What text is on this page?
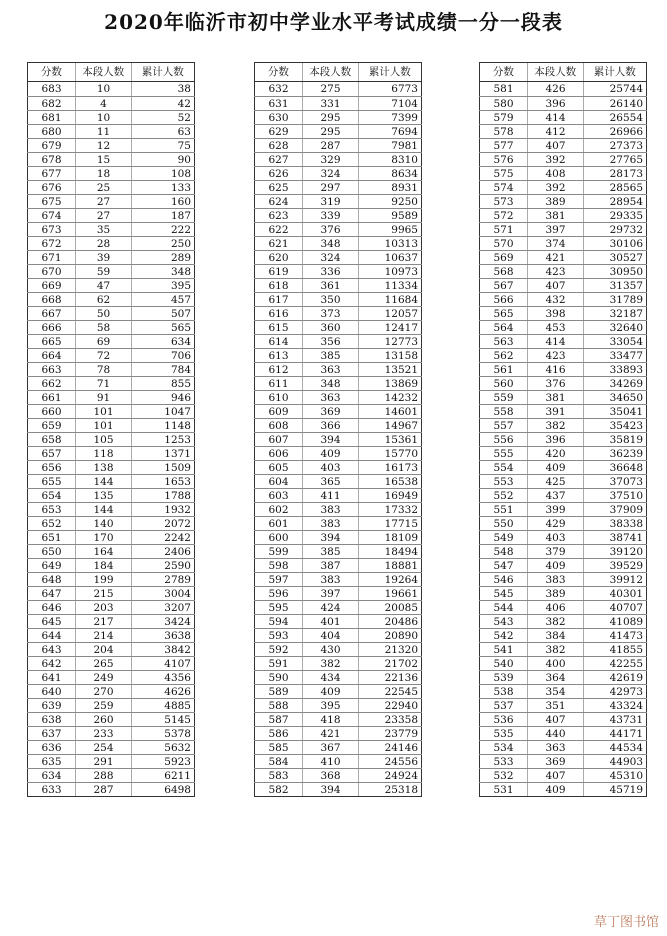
2020年临沂市初中学业水平考试成绩一分一段表
分数	本段人数	累计人数
683	10	38
682	4	42
681	10	52
680	11	63
679	12	75
678	15	90
677	18	108
676	25	133
675	27	160
674	27	187
673	35	222
672	28	250
671	39	289
670	59	348
669	47	395
668	62	457
667	50	507
666	58	565
665	69	634
664	72	706
663	78	784
662	71	855
661	91	946
660	101	1047
659	101	1148
658	105	1253
657	118	1371
656	138	1509
655	144	1653
654	135	1788
653	144	1932
652	140	2072
651	170	2242
650	164	2406
649	184	2590
648	199	2789
647	215	3004
646	203	3207
645	217	3424
644	214	3638
643	204	3842
642	265	4107
641	249	4356
640	270	4626
639	259	4885
638	260	5145
637	233	5378
636	254	5632
635	291	5923
634	288	6211
633	287	6498
分数	本段人数	累计人数
632	275	6773
631	331	7104
630	295	7399
629	295	7694
628	287	7981
627	329	8310
626	324	8634
625	297	8931
624	319	9250
623	339	9589
622	376	9965
621	348	10313
620	324	10637
619	336	10973
618	361	11334
617	350	11684
616	373	12057
615	360	12417
614	356	12773
613	385	13158
612	363	13521
611	348	13869
610	363	14232
609	369	14601
608	366	14967
607	394	15361
606	409	15770
605	403	16173
604	365	16538
603	411	16949
602	383	17332
601	383	17715
600	394	18109
599	385	18494
598	387	18881
597	383	19264
596	397	19661
595	424	20085
594	401	20486
593	404	20890
592	430	21320
591	382	21702
590	434	22136
589	409	22545
588	395	22940
587	418	23358
586	421	23779
585	367	24146
584	410	24556
583	368	24924
582	394	25318
分数	本段人数	累计人数
581	426	25744
580	396	26140
579	414	26554
578	412	26966
577	407	27373
576	392	27765
575	408	28173
574	392	28565
573	389	28954
572	381	29335
571	397	29732
570	374	30106
569	421	30527
568	423	30950
567	407	31357
566	432	31789
565	398	32187
564	453	32640
563	414	33054
562	423	33477
561	416	33893
560	376	34269
559	381	34650
558	391	35041
557	382	35423
556	396	35819
555	420	36239
554	409	36648
553	425	37073
552	437	37510
551	399	37909
550	429	38338
549	403	38741
548	379	39120
547	409	39529
546	383	39912
545	389	40301
544	406	40707
543	382	41089
542	384	41473
541	382	41855
540	400	42255
539	364	42619
538	354	42973
537	351	43324
536	407	43731
535	440	44171
534	363	44534
533	369	44903
532	407	45310
531	409	45719
草丁图书馆
